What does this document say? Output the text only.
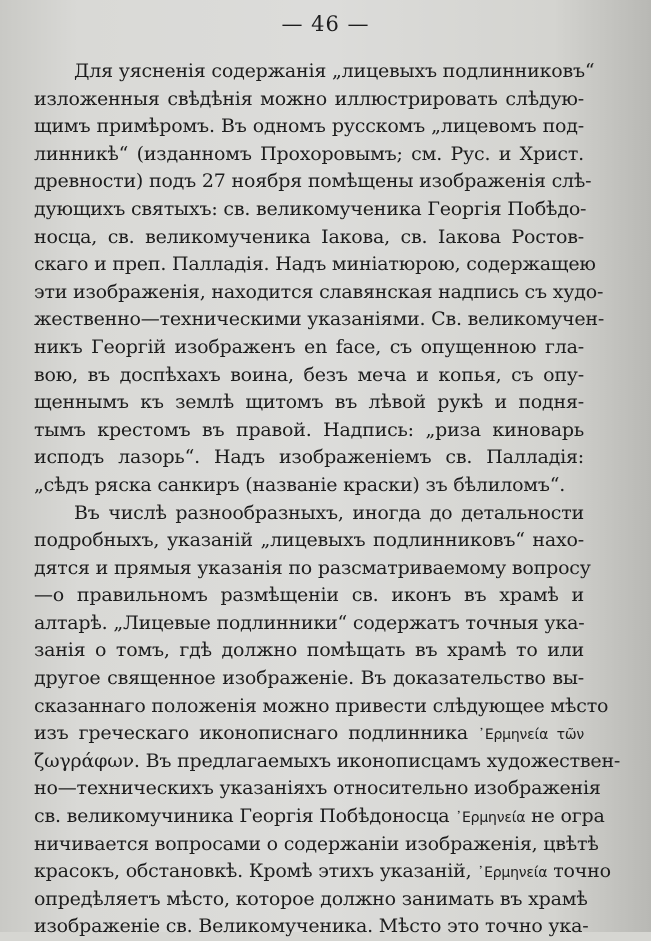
— 46 —
Для уясненія содержанія „лицевыхъ подлинниковъ“
изложенныя свѣдѣнія можно иллюстрировать слѣдую-
щимъ примѣромъ. Въ одномъ русскомъ „лицевомъ под-
линникѣ“ (изданномъ Прохоровымъ; см. Рус. и Христ.
древности) подъ 27 ноября помѣщены изображенія слѣ-
дующихъ святыхъ: св. великомученика Георгія Побѣдо-
носца, св. великомученика Іакова, св. Іакова Ростов-
скаго и преп. Палладія. Надъ миніатюрою, содержащею
эти изображенія, находится славянская надпись съ худо-
жественно—техническими указаніями. Св. великомучен-
никъ Георгій изображенъ en face, съ опущенною гла-
вою, въ доспѣхахъ воина, безъ меча и копья, съ опу-
щеннымъ къ землѣ щитомъ въ лѣвой рукѣ и подня-
тымъ крестомъ въ правой. Надпись: „риза киноварь
исподъ лазорь“. Надъ изображеніемъ св. Палладія:
„сѣдъ ряска санкиръ (названіе краски) зъ бѣлиломъ“.
Въ числѣ разнообразныхъ, иногда до детальности
подробныхъ, указаній „лицевыхъ подлинниковъ“ нахо-
дятся и прямыя указанія по разсматриваемому вопросу
—о правильномъ размѣщеніи св. иконъ въ храмѣ и
алтарѣ. „Лицевые подлинники“ содержатъ точныя ука-
занія о томъ, гдѣ должно помѣщать въ храмѣ то или
другое священное изображеніе. Въ доказательство вы-
сказаннаго положенія можно привести слѣдующее мѣсто
изъ греческаго иконописнаго подлинника ᾿Ερμηνεία τῶν
ζωγράφων. Въ предлагаемыхъ иконописцамъ художествен-
но—техническихъ указаніяхъ относительно изображенія
св. великомучиника Георгія Побѣдоносца ᾿Ερμηνεία не огра
ничивается вопросами о содержаніи изображенія, цвѣтѣ
красокъ, обстановкѣ. Кромѣ этихъ указаній, ᾿Ερμηνεία точно
опредѣляетъ мѣсто, которое должно занимать въ храмѣ
изображеніе св. Великомученика. Мѣсто это точно ука-
